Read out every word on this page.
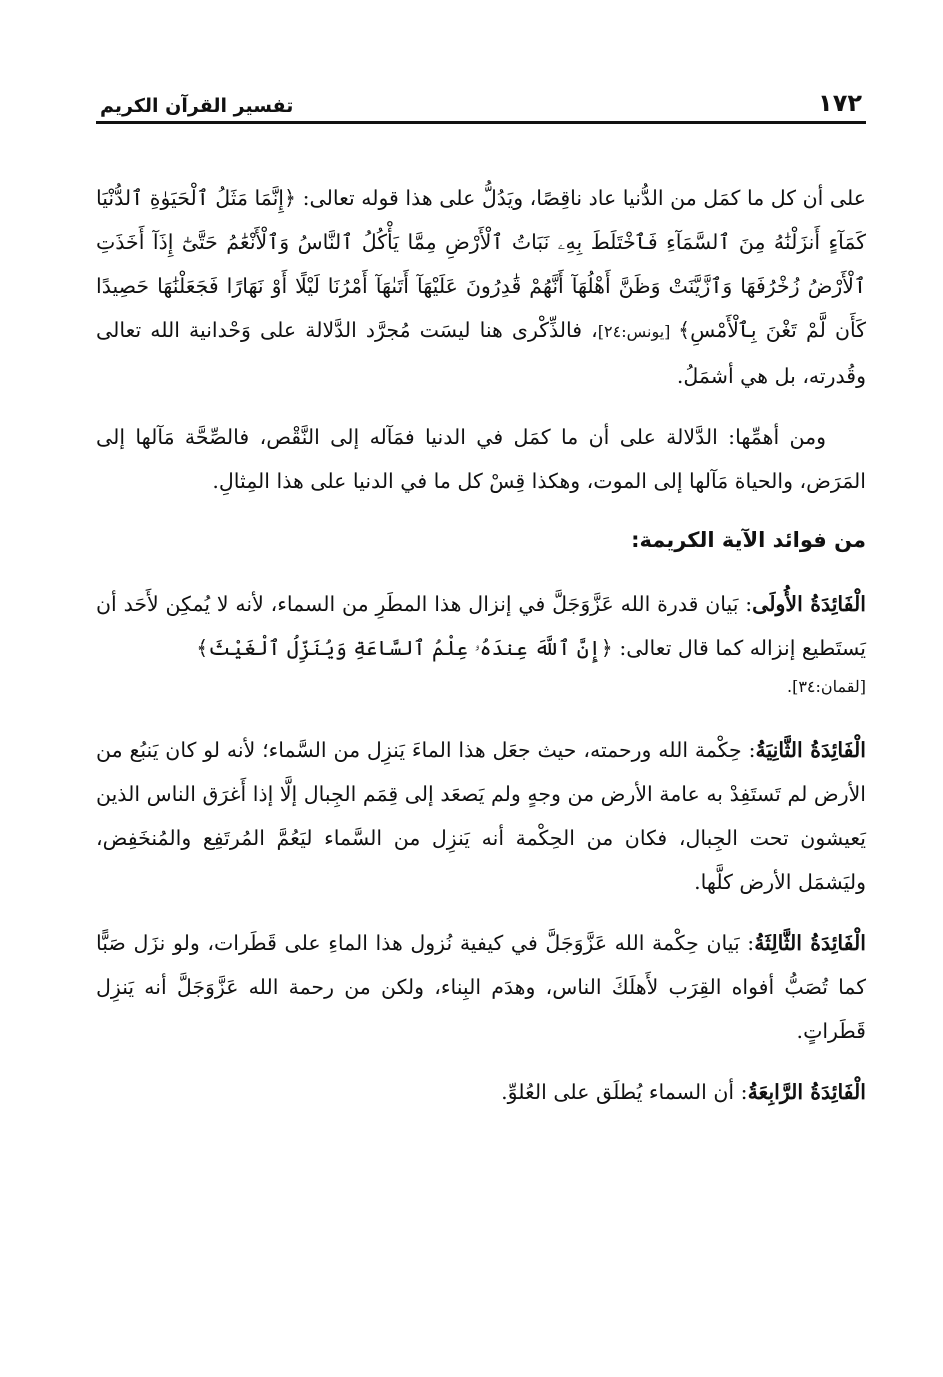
١٧٢
تفسير القرآن الكريم

على أن كل ما كمَل من الدُّنيا عاد ناقِصًا، ويَدُلُّ على هذا قوله تعالى: ﴿إِنَّمَا مَثَلُ ٱلْحَيَوٰةِ ٱلدُّنْيَا كَمَآءٍ أَنزَلْنَٰهُ مِنَ ٱلسَّمَآءِ فَٱخْتَلَطَ بِهِۦ نَبَاتُ ٱلْأَرْضِ مِمَّا يَأْكُلُ ٱلنَّاسُ وَٱلْأَنْعَٰمُ حَتَّىٰٓ إِذَآ أَخَذَتِ ٱلْأَرْضُ زُخْرُفَهَا وَٱزَّيَّنَتْ وَظَنَّ أَهْلُهَآ أَنَّهُمْ قَٰدِرُونَ عَلَيْهَآ أَتَىٰهَآ أَمْرُنَا لَيْلًا أَوْ نَهَارًا فَجَعَلْنَٰهَا حَصِيدًا كَأَن لَّمْ تَغْنَ بِٱلْأَمْسِ﴾ [يونس:٢٤]، فالذِّكْرى هنا ليسَت مُجرَّد الدَّلالة على وَحْدانية الله تعالى وقُدرته، بل هي أشمَلُ.

ومن أهمِّها: الدَّلالة على أن ما كمَل في الدنيا فمَآله إلى النَّقْص، فالصِّحَّة مَآلها إلى المَرَض، والحياة مَآلها إلى الموت، وهكذا قِسْ كل ما في الدنيا على هذا المِثالِ.

من فوائد الآية الكريمة:

الْفَائِدَةُ الأُولَى: بَيان قدرة الله عَزَّوَجَلَّ في إنزال هذا المطَرِ من السماء، لأنه لا يُمكِن لأَحَد أن يَستَطيع إنزاله كما قال تعالى: ﴿إِنَّ ٱللَّهَ عِندَهُۥ عِلْمُ ٱلسَّاعَةِ وَيُنَزِّلُ ٱلْغَيْثَ﴾

[لقمان:٣٤].

الْفَائِدَةُ الثَّانِيَةُ: حِكْمة الله ورحمته، حيث جعَل هذا الماءَ يَنزِل من السَّماء؛ لأنه لو كان يَنبُع من الأرض لم تَستَفِدْ به عامة الأرض من وجهٍ ولم يَصعَد إلى قِمَم الجِبال إلَّا إذا أَغرَق الناس الذين يَعيشون تحت الجِبال، فكان من الحِكْمة أنه يَنزِل من السَّماء ليَعُمَّ المُرتَفِع والمُنخَفِض، وليَشمَل الأرض كلَّها.

الْفَائِدَةُ الثَّالِثَةُ: بَيان حِكْمة الله عَزَّوَجَلَّ في كيفية نُزول هذا الماءِ على قَطَرات، ولو نزَل صَبًّا كما تُصَبُّ أفواه القِرَب لأَهلَكَ الناس، وهدَم البِناء، ولكن من رحمة الله عَزَّوَجَلَّ أنه يَنزِل قَطَراتٍ.

الْفَائِدَةُ الرَّابِعَةُ: أن السماء يُطلَق على العُلوِّ.
